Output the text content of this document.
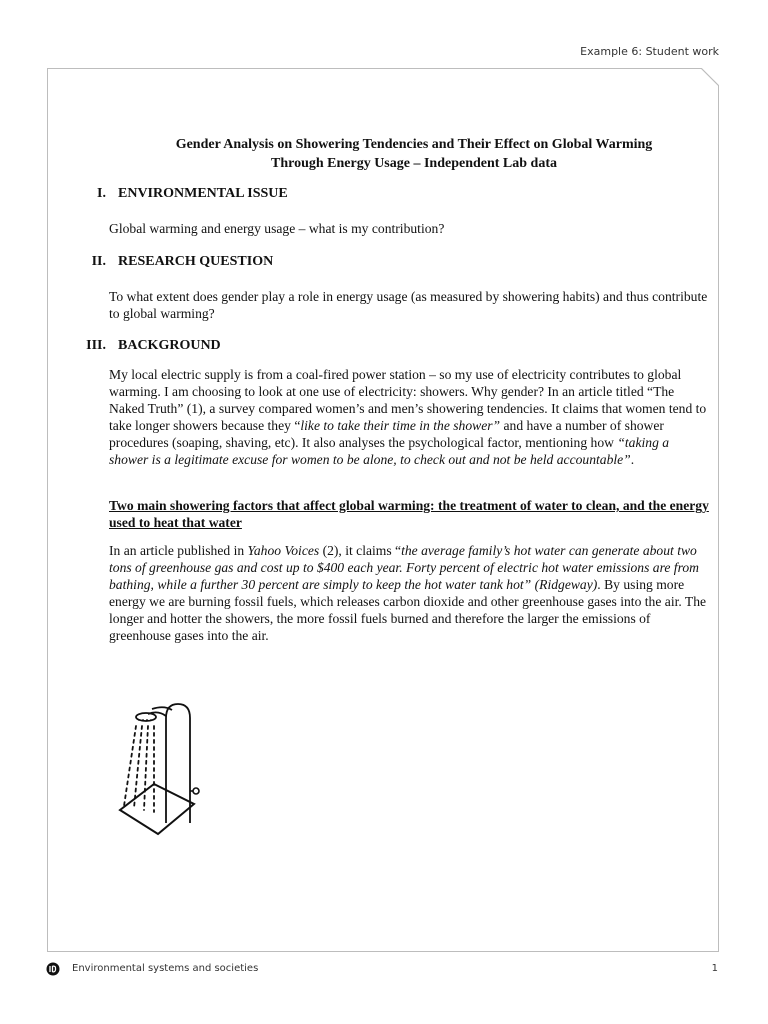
Example 6: Student work
Gender Analysis on Showering Tendencies and Their Effect on Global Warming
Through Energy Usage – Independent Lab data
I. ENVIRONMENTAL ISSUE
Global warming and energy usage – what is my contribution?
II. RESEARCH QUESTION
To what extent does gender play a role in energy usage (as measured by showering habits) and thus contribute to global warming?
III. BACKGROUND
My local electric supply is from a coal-fired power station – so my use of electricity contributes to global warming. I am choosing to look at one use of electricity: showers. Why gender? In an article titled “The Naked Truth” (1), a survey compared women’s and men’s showering tendencies. It claims that women tend to take longer showers because they “like to take their time in the shower” and have a number of shower procedures (soaping, shaving, etc). It also analyses the psychological factor, mentioning how “taking a shower is a legitimate excuse for women to be alone, to check out and not be held accountable”.
Two main showering factors that affect global warming: the treatment of water to clean, and the energy used to heat that water
In an article published in Yahoo Voices (2), it claims “the average family’s hot water can generate about two tons of greenhouse gas and cost up to $400 each year. Forty percent of electric hot water emissions are from bathing, while a further 30 percent are simply to keep the hot water tank hot” (Ridgeway). By using more energy we are burning fossil fuels, which releases carbon dioxide and other greenhouse gases into the air. The longer and hotter the showers, the more fossil fuels burned and therefore the larger the emissions of greenhouse gases into the air.
Environmental systems and societies	1
